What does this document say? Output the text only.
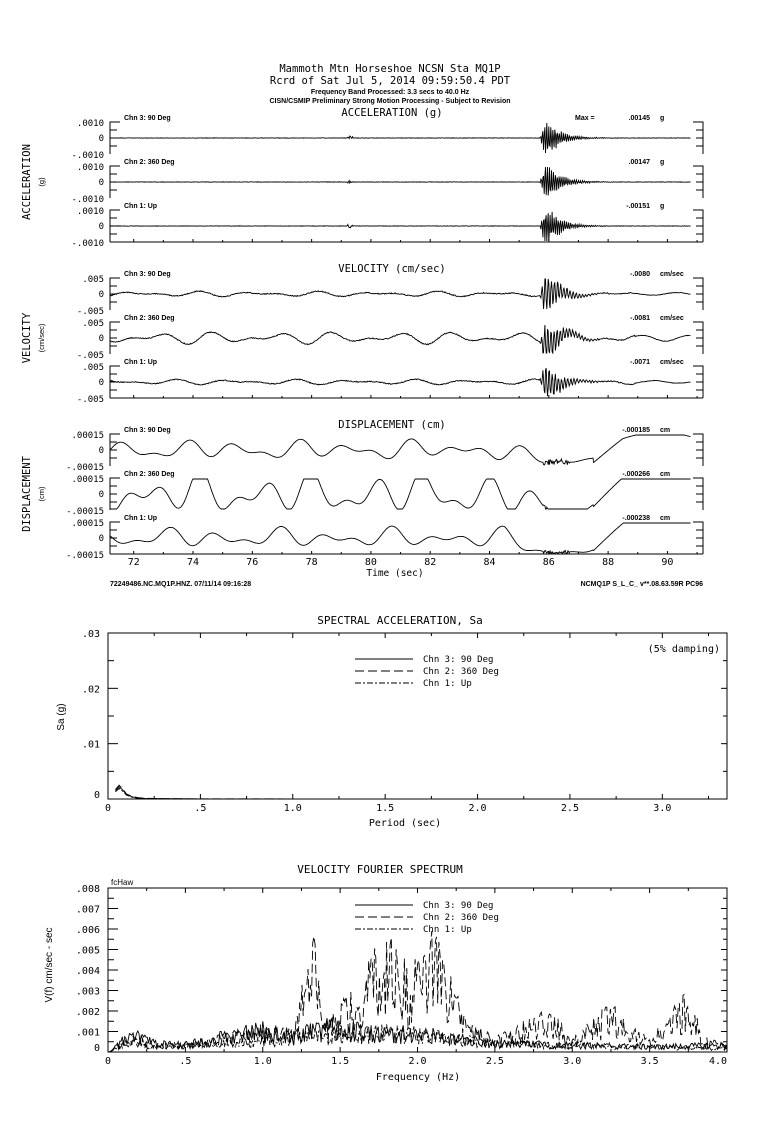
Mammoth Mtn Horseshoe NCSN Sta MQ1P
Rcrd of Sat Jul 5, 2014 09:59:50.4 PDT
Frequency Band Processed: 3.3 secs to 40.0 Hz
CISN/CSMIP Preliminary Strong Motion Processing - Subject to Revision
ACCELERATION (g)
ACCELERATION (g)
.0010
0
-.0010
Chn 3: 90 Deg	Max =	.00145 g
.0010
0
-.0010
Chn 2: 360 Deg	.00147 g
.0010
0
-.0010
Chn 1: Up	-.00151 g
VELOCITY (cm/sec)
VELOCITY (cm/sec)
.005
0
-.005
Chn 3: 90 Deg	-.0080 cm/sec
.005
0
-.005
Chn 2: 360 Deg	-.0081 cm/sec
.005
0
-.005
Chn 1: Up	-.0071 cm/sec
DISPLACEMENT (cm)
DISPLACEMENT (cm)
.00015
0
-.00015
Chn 3: 90 Deg	-.000185 cm
.00015
0
-.00015
Chn 2: 360 Deg	-.000266 cm
.00015
0
-.00015
Chn 1: Up	-.000238 cm
72	74	76	78	80	82	84	86	88	90
Time (sec)
72249486.NC.MQ1P.HNZ. 07/11/14 09:16:28	NCMQ1P S_L_C_ v**.08.63.59R PC96
SPECTRAL ACCELERATION, Sa
(5% damping)
Sa (g)
Period (sec)
Chn 3: 90 Deg
Chn 2: 360 Deg
Chn 1: Up
0	.5	1.0	1.5	2.0	2.5	3.0
0
.01
.02
.03
VELOCITY FOURIER SPECTRUM
fcHaw
V(f) cm/sec - sec
Frequency (Hz)
Chn 3: 90 Deg
Chn 2: 360 Deg
Chn 1: Up
0	.5	1.0	1.5	2.0	2.5	3.0	3.5	4.0
0
.001
.002
.003
.004
.005
.006
.007
.008
